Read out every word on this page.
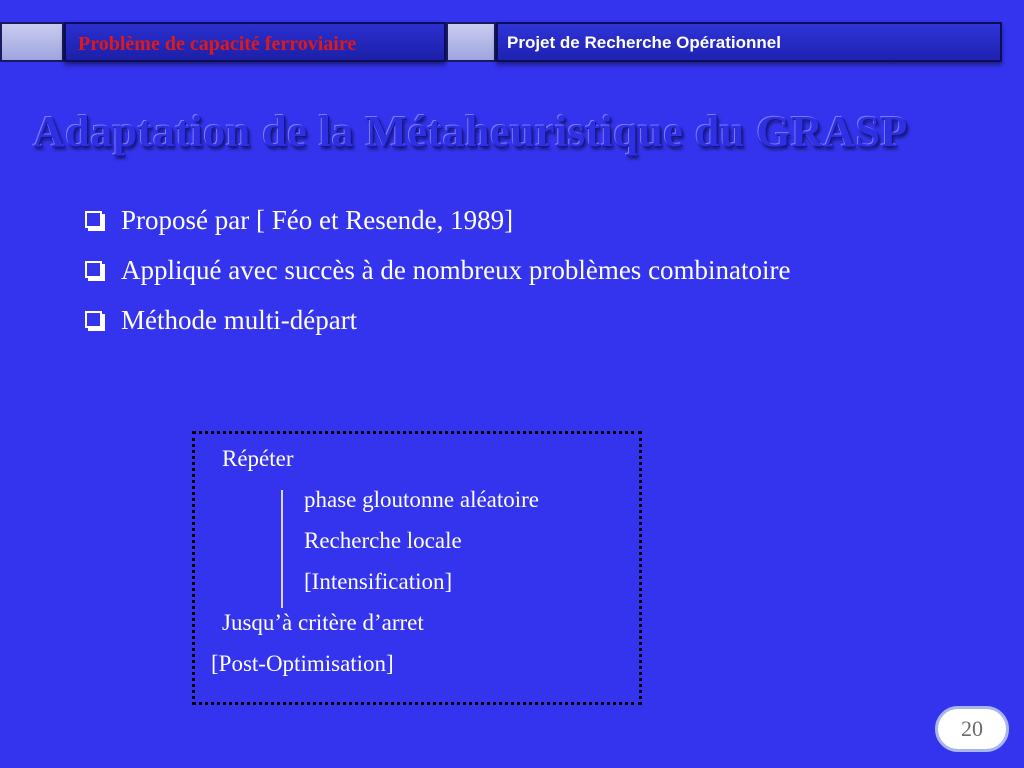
Problème de capacité ferroviaire	Projet de Recherche Opérationnel
Adaptation de la Métaheuristique du GRASP
Proposé par [ Féo et Resende, 1989]
Appliqué avec succès à de nombreux problèmes combinatoire
Méthode multi-départ
Répéter
phase gloutonne aléatoire
Recherche locale
[Intensification]
Jusqu’à critère d’arret
[Post-Optimisation]
20
